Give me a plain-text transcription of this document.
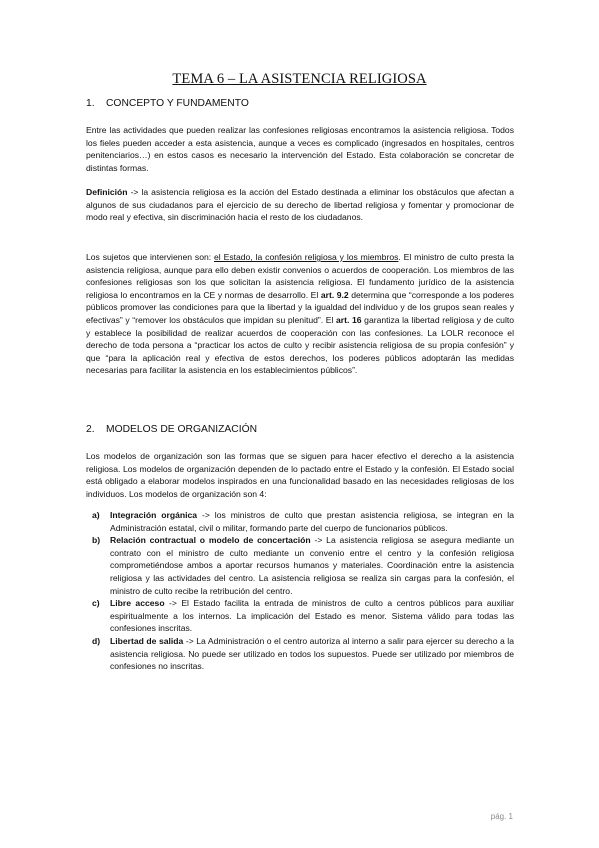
TEMA 6 – LA ASISTENCIA RELIGIOSA
1. CONCEPTO Y FUNDAMENTO

Entre las actividades que pueden realizar las confesiones religiosas encontramos la asistencia religiosa. Todos los fieles pueden acceder a esta asistencia, aunque a veces es complicado (ingresados en hospitales, centros penitenciarios…) en estos casos es necesario la intervención del Estado. Esta colaboración se concretar de distintas formas.

Definición -> la asistencia religiosa es la acción del Estado destinada a eliminar los obstáculos que afectan a algunos de sus ciudadanos para el ejercicio de su derecho de libertad religiosa y fomentar y promocionar de modo real y efectiva, sin discriminación hacia el resto de los ciudadanos.

Los sujetos que intervienen son: el Estado, la confesión religiosa y los miembros. El ministro de culto presta la asistencia religiosa, aunque para ello deben existir convenios o acuerdos de cooperación. Los miembros de las confesiones religiosas son los que solicitan la asistencia religiosa. El fundamento jurídico de la asistencia religiosa lo encontramos en la CE y normas de desarrollo. El art. 9.2 determina que “corresponde a los poderes públicos promover las condiciones para que la libertad y la igualdad del individuo y de los grupos sean reales y efectivas” y “remover los obstáculos que impidan su plenitud”. El art. 16 garantiza la libertad religiosa y de culto y establece la posibilidad de realizar acuerdos de cooperación con las confesiones. La LOLR reconoce el derecho de toda persona a “practicar los actos de culto y recibir asistencia religiosa de su propia confesión” y que “para la aplicación real y efectiva de estos derechos, los poderes públicos adoptarán las medidas necesarias para facilitar la asistencia en los establecimientos públicos”.

2. MODELOS DE ORGANIZACIÓN

Los modelos de organización son las formas que se siguen para hacer efectivo el derecho a la asistencia religiosa. Los modelos de organización dependen de lo pactado entre el Estado y la confesión. El Estado social está obligado a elaborar modelos inspirados en una funcionalidad basado en las necesidades religiosas de los individuos. Los modelos de organización son 4:

a) Integración orgánica -> los ministros de culto que prestan asistencia religiosa, se integran en la Administración estatal, civil o militar, formando parte del cuerpo de funcionarios públicos.
b) Relación contractual o modelo de concertación -> La asistencia religiosa se asegura mediante un contrato con el ministro de culto mediante un convenio entre el centro y la confesión religiosa comprometiéndose ambos a aportar recursos humanos y materiales. Coordinación entre la asistencia religiosa y las actividades del centro. La asistencia religiosa se realiza sin cargas para la confesión, el ministro de culto recibe la retribución del centro.
c) Libre acceso -> El Estado facilita la entrada de ministros de culto a centros públicos para auxiliar espiritualmente a los internos. La implicación del Estado es menor. Sistema válido para todas las confesiones inscritas.
d) Libertad de salida -> La Administración o el centro autoriza al interno a salir para ejercer su derecho a la asistencia religiosa. No puede ser utilizado en todos los supuestos. Puede ser utilizado por miembros de confesiones no inscritas.
pág. 1
